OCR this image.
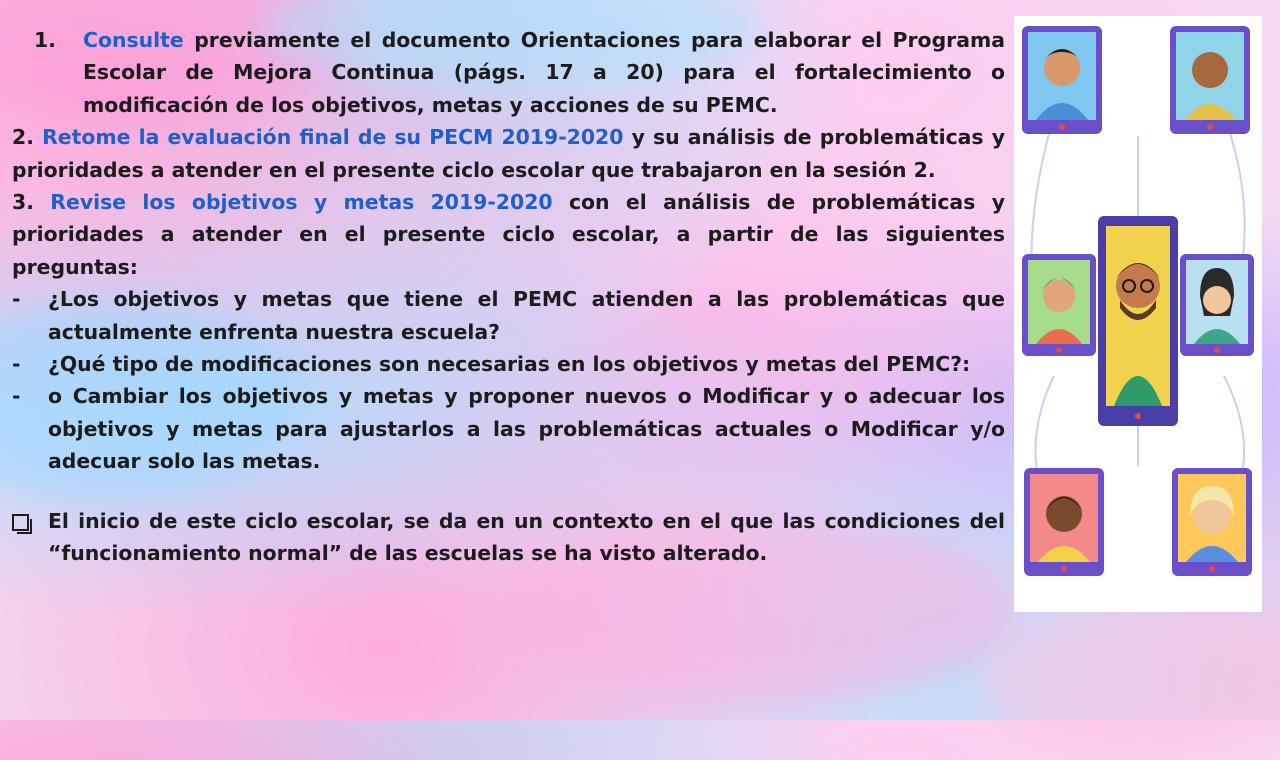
1.	Consulte previamente el documento Orientaciones para elaborar el Programa Escolar de Mejora Continua (págs. 17 a 20) para el fortalecimiento o modificación de los objetivos, metas y acciones de su PEMC.

2. Retome la evaluación final de su PECM 2019-2020 y su análisis de problemáticas y prioridades a atender en el presente ciclo escolar que trabajaron en la sesión 2.

3. Revise los objetivos y metas 2019-2020 con el análisis de problemáticas y prioridades a atender en el presente ciclo escolar, a partir de las siguientes preguntas:

-	¿Los objetivos y metas que tiene el PEMC atienden a las problemáticas que actualmente enfrenta nuestra escuela?
-	¿Qué tipo de modificaciones son necesarias en los objetivos y metas del PEMC?:
-	o Cambiar los objetivos y metas y proponer nuevos o Modificar y o adecuar los objetivos y metas para ajustarlos a las problemáticas actuales o Modificar y/o adecuar solo las metas.
El inicio de este ciclo escolar, se da en un contexto en el que las condiciones del “funcionamiento normal” de las escuelas se ha visto alterado.
